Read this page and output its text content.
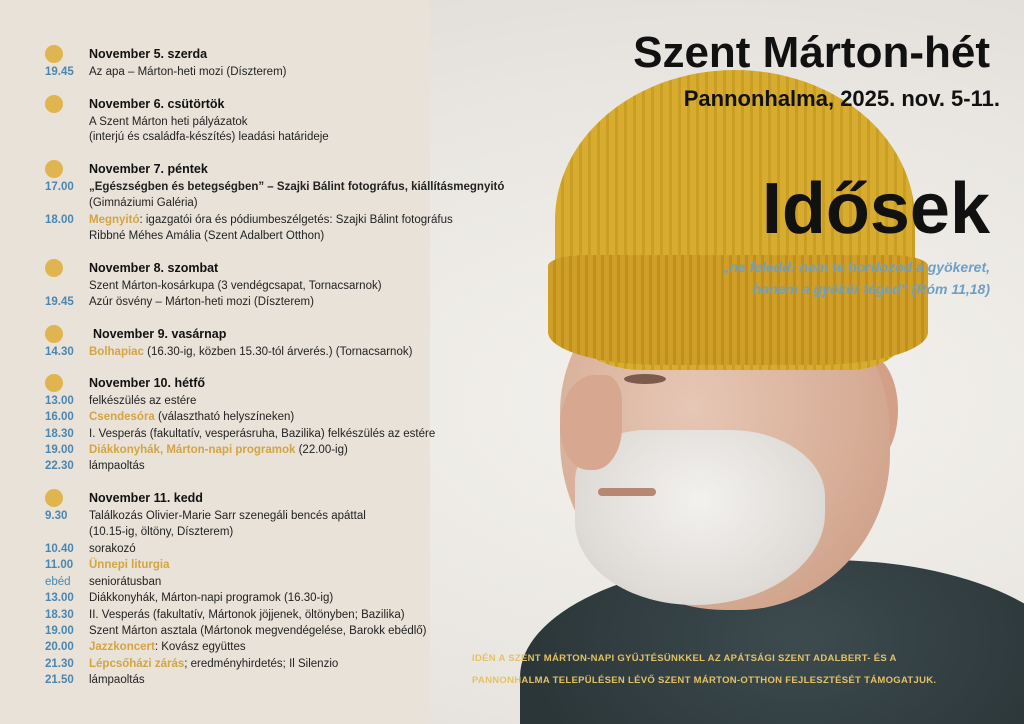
Szent Márton-hét
Pannonhalma, 2025. nov. 5-11.
Idősek
„ne feledd: nem te hordozod a gyökeret,
hanem a gyökér téged” (Róm 11,18)
IDÉN A SZENT MÁRTON-NAPI GYŰJTÉSÜNKKEL AZ APÁTSÁGI SZENT ADALBERT- ÉS A
PANNONHALMA TELEPÜLÉSEN LÉVŐ SZENT MÁRTON-OTTHON FEJLESZTÉSÉT TÁMOGATJUK.
November 5. szerda
19.45 Az apa – Márton-heti mozi (Díszterem)
November 6. csütörtök
A Szent Márton heti pályázatok
(interjú és családfa-készítés) leadási határideje
November 7. péntek
17.00 „Egészségben és betegségben” – Szajki Bálint fotográfus, kiállításmegnyitó
(Gimnáziumi Galéria)
18.00 Megnyitó: igazgatói óra és pódiumbeszélgetés: Szajki Bálint fotográfus
Ribbné Méhes Amália (Szent Adalbert Otthon)
November 8. szombat
Szent Márton-kosárkupa (3 vendégcsapat, Tornacsarnok)
19.45 Azúr ösvény – Márton-heti mozi (Díszterem)
November 9. vasárnap
14.30 Bolhapiac (16.30-ig, közben 15.30-tól árverés.) (Tornacsarnok)
November 10. hétfő
13.00 felkészülés az estére
16.00 Csendesóra (választható helyszíneken)
18.30 I. Vesperás (fakultatív, vesperásruha, Bazilika) felkészülés az estére
19.00 Diákkonyhák, Márton-napi programok (22.00-ig)
22.30 lámpaoltás
November 11. kedd
9.30 Találkozás Olivier-Marie Sarr szenegáli bencés apáttal
(10.15-ig, öltöny, Díszterem)
10.40 sorakozó
11.00 Ünnepi liturgia
ebéd seniorátusban
13.00 Diákkonyhák, Márton-napi programok (16.30-ig)
18.30 II. Vesperás (fakultatív, Mártonok jöjjenek, öltönyben; Bazilika)
19.00 Szent Márton asztala (Mártonok megvendégelése, Barokk ebédlő)
20.00 Jazzkoncert: Kovász együttes
21.30 Lépcsőházi zárás; eredményhirdetés; Il Silenzio
21.50 lámpaoltás
